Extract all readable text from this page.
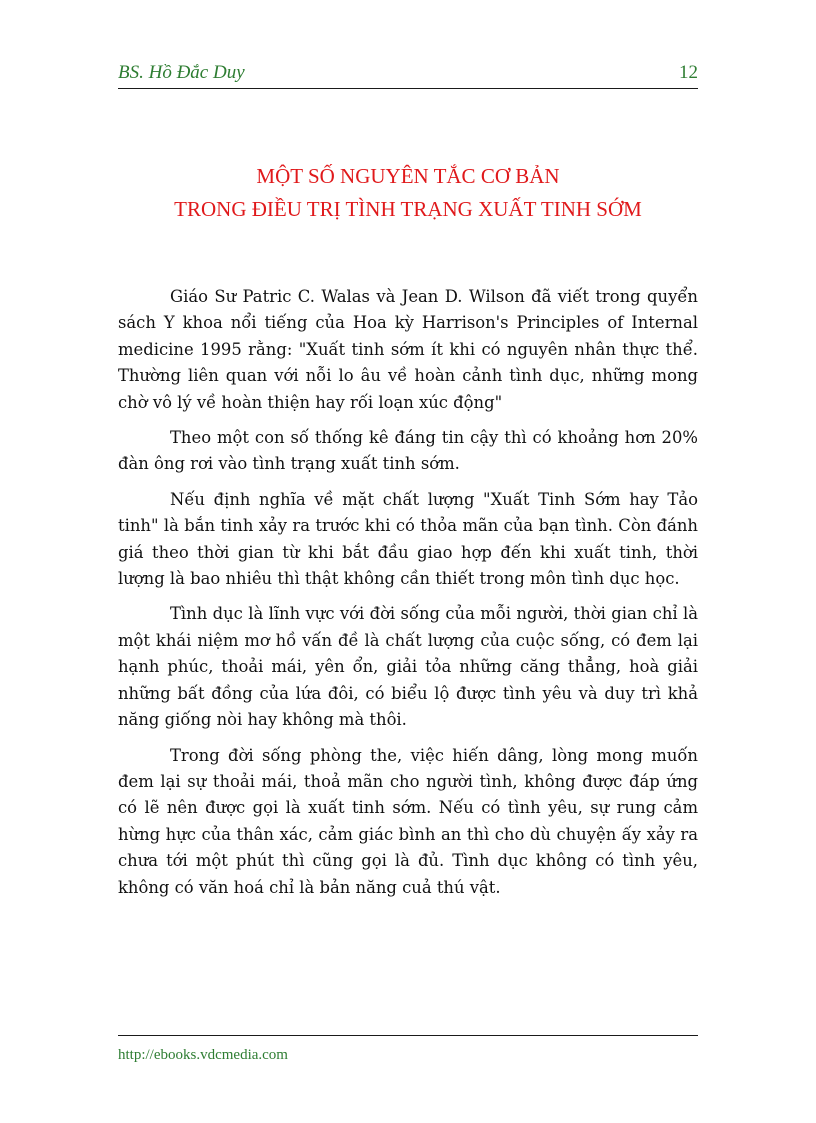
BS. Hồ Đắc Duy	12
MỘT SỐ NGUYÊN TẮC CƠ BẢN
TRONG ĐIỀU TRỊ TÌNH TRẠNG XUẤT TINH SỚM

Giáo Sư Patric C. Walas và Jean D. Wilson đã viết trong quyển sách Y khoa nổi tiếng của Hoa kỳ Harrison's Principles of Internal medicine 1995 rằng: "Xuất tinh sớm ít khi có nguyên nhân thực thể. Thường liên quan với nỗi lo âu về hoàn cảnh tình dục, những mong chờ vô lý về hoàn thiện hay rối loạn xúc động"

Theo một con số thống kê đáng tin cậy thì có khoảng hơn 20% đàn ông rơi vào tình trạng xuất tinh sớm.

Nếu định nghĩa về mặt chất lượng "Xuất Tinh Sớm hay Tảo tinh" là bắn tinh xảy ra trước khi có thỏa mãn của bạn tình. Còn đánh giá theo thời gian từ khi bắt đầu giao hợp đến khi xuất tinh, thời lượng là bao nhiêu thì thật không cần thiết trong môn tình dục học.

Tình dục là lĩnh vực với đời sống của mỗi người, thời gian chỉ là một khái niệm mơ hồ vấn đề là chất lượng của cuộc sống, có đem lại hạnh phúc, thoải mái, yên ổn, giải tỏa những căng thẳng, hoà giải những bất đồng của lứa đôi, có biểu lộ được tình yêu và duy trì khả năng giống nòi hay không mà thôi.

Trong đời sống phòng the, việc hiến dâng, lòng mong muốn đem lại sự thoải mái, thoả mãn cho người tình, không được đáp ứng có lẽ nên được gọi là xuất tinh sớm. Nếu có tình yêu, sự rung cảm hừng hực của thân xác, cảm giác bình an thì cho dù chuyện ấy xảy ra chưa tới một phút thì cũng gọi là đủ. Tình dục không có tình yêu, không có văn hoá chỉ là bản năng cuả thú vật.

http://ebooks.vdcmedia.com
